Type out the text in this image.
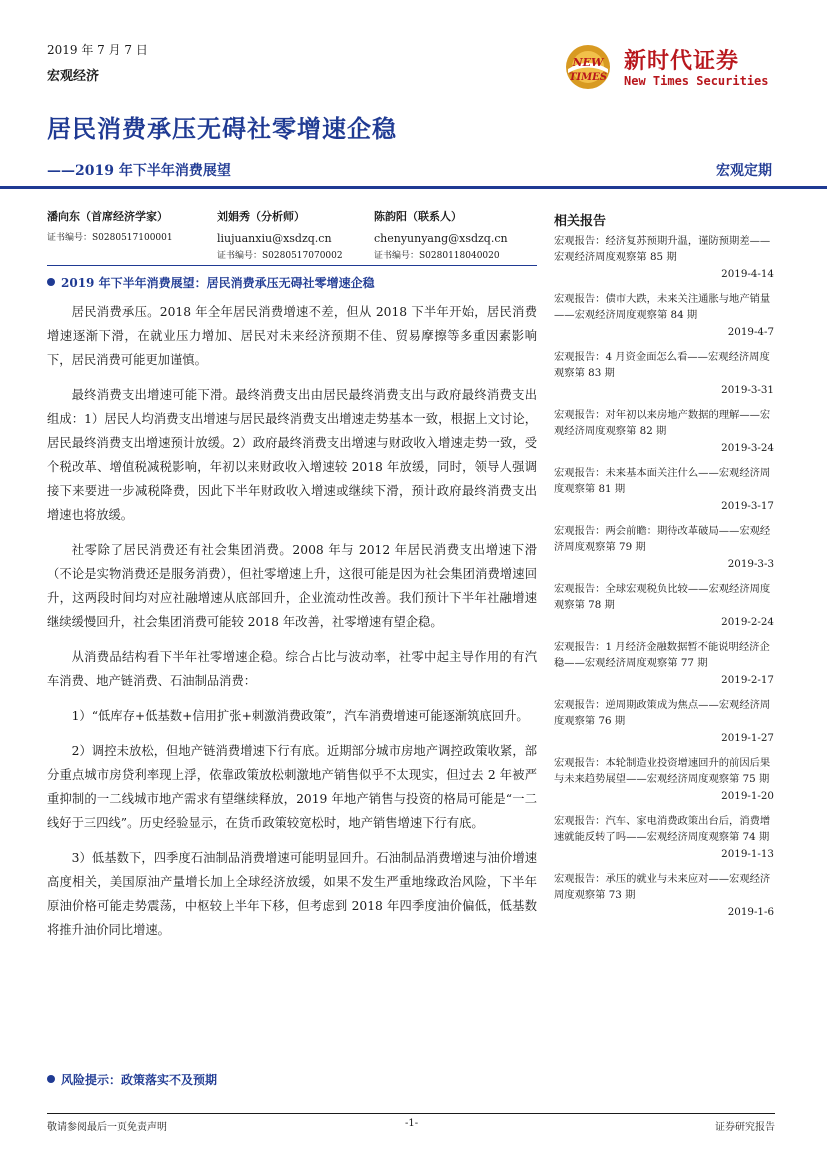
2019 年 7 月 7 日
宏观经济
NEW
TIMES
新时代证券
New Times Securities
居民消费承压无碍社零增速企稳
——2019 年下半年消费展望	宏观定期
潘向东（首席经济学家）
证书编号：S0280517100001
刘娟秀（分析师）
liujuanxiu@xsdzq.cn
证书编号：S0280517070002
陈韵阳（联系人）
chenyunyang@xsdzq.cn
证书编号：S0280118040020
2019 年下半年消费展望：居民消费承压无碍社零增速企稳

居民消费承压。2018 年全年居民消费增速不差，但从 2018 下半年开始，居民消费增速逐渐下滑，在就业压力增加、居民对未来经济预期不佳、贸易摩擦等多重因素影响下，居民消费可能更加谨慎。

最终消费支出增速可能下滑。最终消费支出由居民最终消费支出与政府最终消费支出组成：1）居民人均消费支出增速与居民最终消费支出增速走势基本一致，根据上文讨论，居民最终消费支出增速预计放缓。2）政府最终消费支出增速与财政收入增速走势一致，受个税改革、增值税减税影响，年初以来财政收入增速较 2018 年放缓，同时，领导人强调接下来要进一步减税降费，因此下半年财政收入增速或继续下滑，预计政府最终消费支出增速也将放缓。

社零除了居民消费还有社会集团消费。2008 年与 2012 年居民消费支出增速下滑（不论是实物消费还是服务消费），但社零增速上升，这很可能是因为社会集团消费增速回升，这两段时间均对应社融增速从底部回升，企业流动性改善。我们预计下半年社融增速继续缓慢回升，社会集团消费可能较 2018 年改善，社零增速有望企稳。

从消费品结构看下半年社零增速企稳。综合占比与波动率，社零中起主导作用的有汽车消费、地产链消费、石油制品消费：

1）“低库存+低基数+信用扩张+刺激消费政策”，汽车消费增速可能逐渐筑底回升。

2）调控未放松，但地产链消费增速下行有底。近期部分城市房地产调控政策收紧，部分重点城市房贷利率现上浮，依靠政策放松刺激地产销售似乎不太现实，但过去 2 年被严重抑制的一二线城市地产需求有望继续释放，2019 年地产销售与投资的格局可能是“一二线好于三四线”。历史经验显示，在货币政策较宽松时，地产销售增速下行有底。

3）低基数下，四季度石油制品消费增速可能明显回升。石油制品消费增速与油价增速高度相关，美国原油产量增长加上全球经济放缓，如果不发生严重地缘政治风险，下半年原油价格可能走势震荡，中枢较上半年下移，但考虑到 2018 年四季度油价偏低，低基数将推升油价同比增速。

风险提示：政策落实不及预期
相关报告
宏观报告：经济复苏预期升温，谨防预期差——宏观经济周度观察第 85 期
2019-4-14
宏观报告：债市大跌，未来关注通胀与地产销量——宏观经济周度观察第 84 期
2019-4-7
宏观报告：4 月资金面怎么看——宏观经济周度观察第 83 期
2019-3-31
宏观报告：对年初以来房地产数据的理解——宏观经济周度观察第 82 期
2019-3-24
宏观报告：未来基本面关注什么——宏观经济周度观察第 81 期
2019-3-17
宏观报告：两会前瞻：期待改革破局——宏观经济周度观察第 79 期
2019-3-3
宏观报告：全球宏观税负比较——宏观经济周度观察第 78 期
2019-2-24
宏观报告：1 月经济金融数据暂不能说明经济企稳——宏观经济周度观察第 77 期
2019-2-17
宏观报告：逆周期政策成为焦点——宏观经济周度观察第 76 期
2019-1-27
宏观报告：本轮制造业投资增速回升的前因后果与未来趋势展望——宏观经济周度观察第 75 期
2019-1-20
宏观报告：汽车、家电消费政策出台后，消费增速就能反转了吗——宏观经济周度观察第 74 期
2019-1-13
宏观报告：承压的就业与未来应对——宏观经济周度观察第 73 期
2019-1-6
敬请参阅最后一页免责声明	-1-	证券研究报告
